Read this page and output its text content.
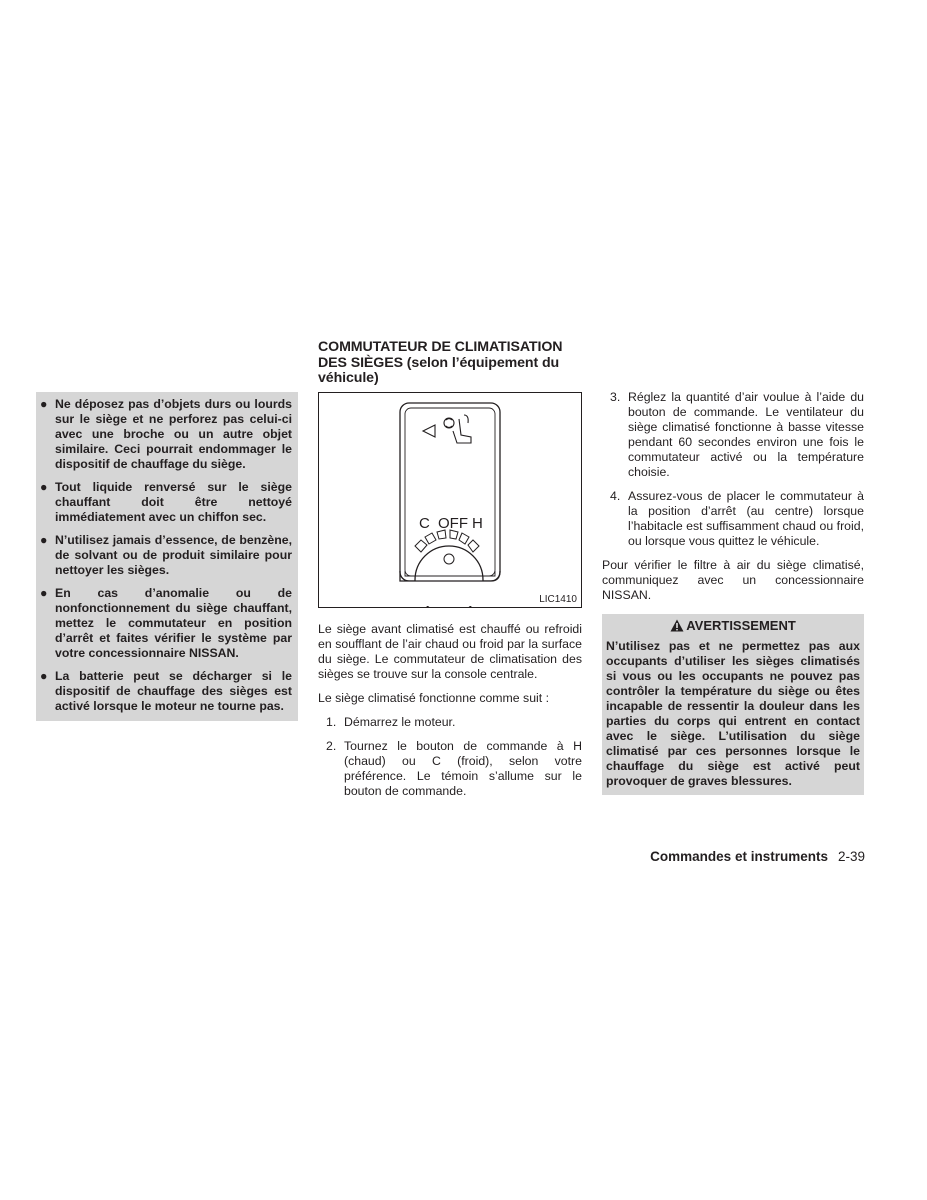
● Ne déposez pas d’objets durs ou lourds sur le siège et ne perforez pas celui-ci avec une broche ou un autre objet similaire. Ceci pourrait endommager le dispositif de chauffage du siège.
● Tout liquide renversé sur le siège chauffant doit être nettoyé immédiatement avec un chiffon sec.
● N’utilisez jamais d’essence, de benzène, de solvant ou de produit similaire pour nettoyer les sièges.
● En cas d’anomalie ou de nonfonctionnement du siège chauffant, mettez le commutateur en position d’arrêt et faites vérifier le système par votre concessionnaire NISSAN.
● La batterie peut se décharger si le dispositif de chauffage des sièges est activé lorsque le moteur ne tourne pas.
COMMUTATEUR DE CLIMATISATION DES SIÈGES (selon l’équipement du véhicule)
C OFF H
LIC1410

Le siège avant climatisé est chauffé ou refroidi en soufflant de l’air chaud ou froid par la surface du siège. Le commutateur de climatisation des sièges se trouve sur la console centrale.

Le siège climatisé fonctionne comme suit :

1. Démarrez le moteur.
2. Tournez le bouton de commande à H (chaud) ou C (froid), selon votre préférence. Le témoin s’allume sur le bouton de commande.
3. Réglez la quantité d’air voulue à l’aide du bouton de commande. Le ventilateur du siège climatisé fonctionne à basse vitesse pendant 60 secondes environ une fois le commutateur activé ou la température choisie.
4. Assurez-vous de placer le commutateur à la position d’arrêt (au centre) lorsque l’habitacle est suffisamment chaud ou froid, ou lorsque vous quittez le véhicule.

Pour vérifier le filtre à air du siège climatisé, communiquez avec un concessionnaire NISSAN.

AVERTISSEMENT
N’utilisez pas et ne permettez pas aux occupants d’utiliser les sièges climatisés si vous ou les occupants ne pouvez pas contrôler la température du siège ou êtes incapable de ressentir la douleur dans les parties du corps qui entrent en contact avec le siège. L’utilisation du siège climatisé par ces personnes lorsque le chauffage du siège est activé peut provoquer de graves blessures.
Commandes et instruments 2-39
